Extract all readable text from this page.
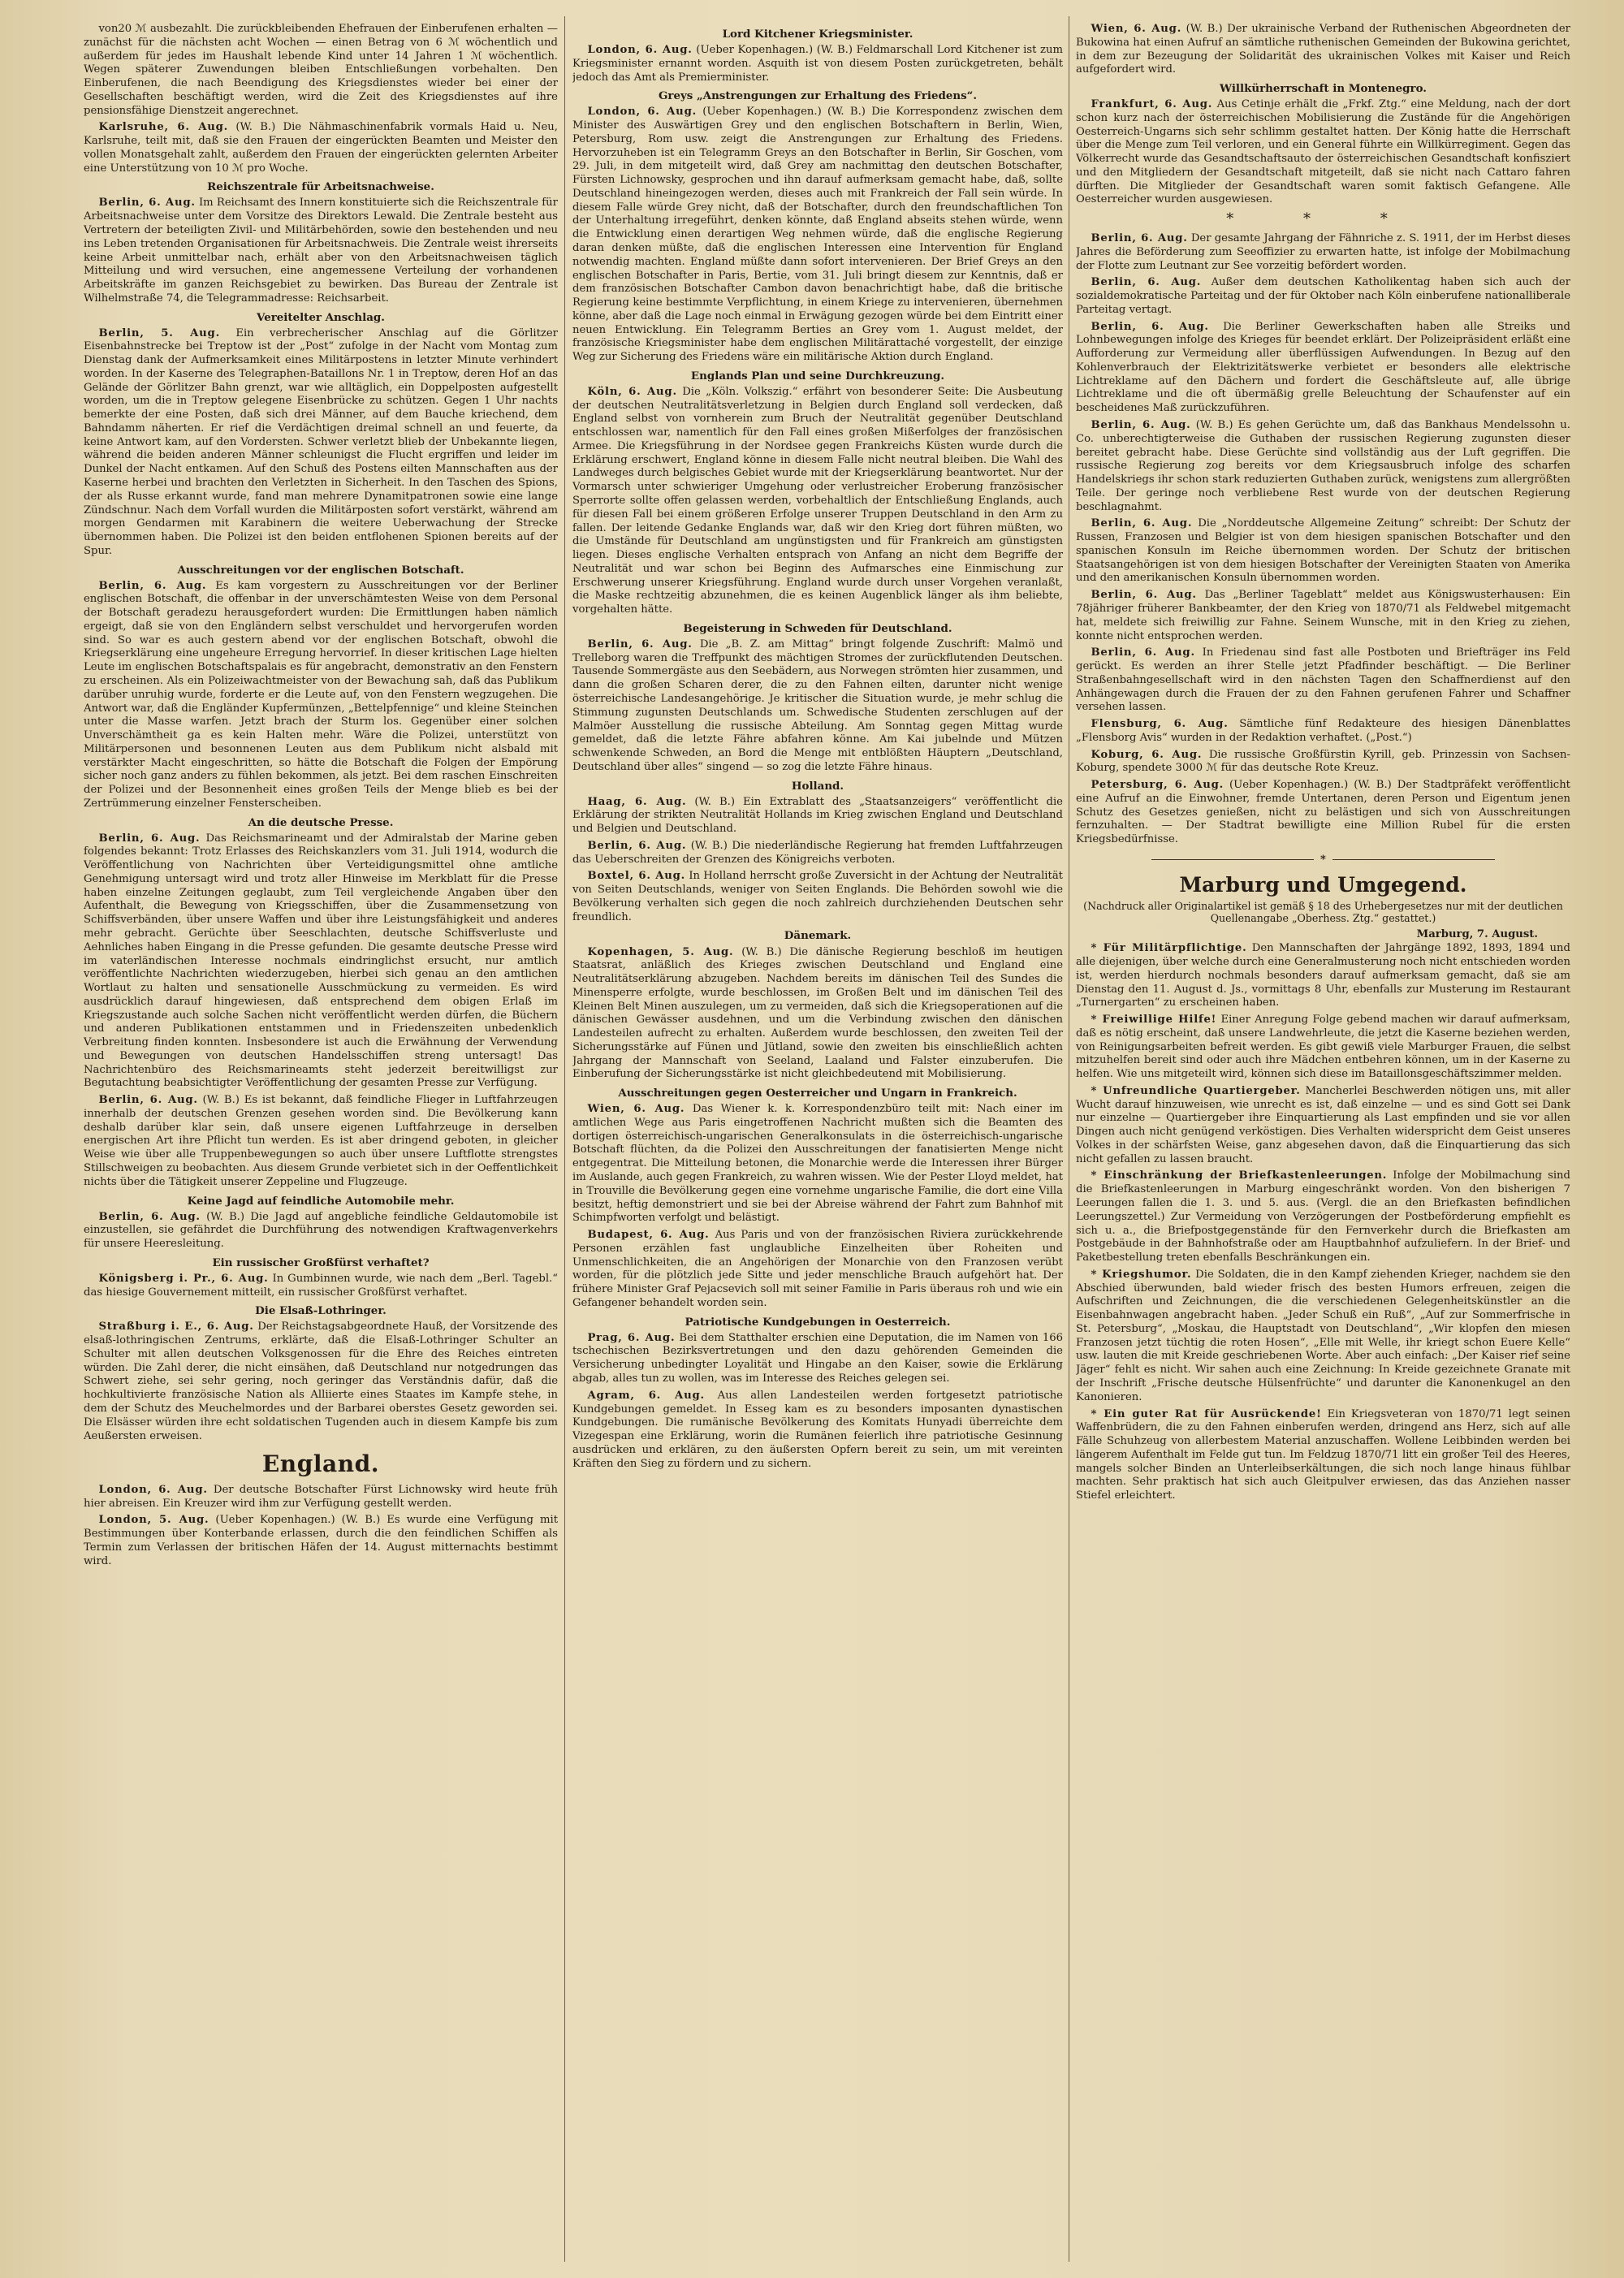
von20 ℳ ausbezahlt. Die zurückbleibenden Ehefrauen der Einberufenen erhalten — zunächst für die nächsten acht Wochen — einen Betrag von 6 ℳ wöchentlich und außerdem für jedes im Haushalt lebende Kind unter 14 Jahren 1 ℳ wöchentlich. Wegen späterer Zuwendungen bleiben Entschließungen vorbehalten. Den Einberufenen, die nach Beendigung des Kriegsdienstes wieder bei einer der Gesellschaften beschäftigt werden, wird die Zeit des Kriegsdienstes auf ihre pensionsfähige Dienstzeit angerechnet.

Karlsruhe, 6. Aug. (W. B.) Die Nähmaschinenfabrik vormals Haid u. Neu, Karlsruhe, teilt mit, daß sie den Frauen der eingerückten Beamten und Meister den vollen Monatsgehalt zahlt, außerdem den Frauen der eingerückten gelernten Arbeiter eine Unterstützung von 10 ℳ pro Woche.

Reichszentrale für Arbeitsnachweise.

Berlin, 6. Aug. Im Reichsamt des Innern konstituierte sich die Reichszentrale für Arbeitsnachweise unter dem Vorsitze des Direktors Lewald. Die Zentrale besteht aus Vertretern der beteiligten Zivil- und Militärbehörden, sowie den bestehenden und neu ins Leben tretenden Organisationen für Arbeitsnachweis. Die Zentrale weist ihrerseits keine Arbeit unmittelbar nach, erhält aber von den Arbeitsnachweisen täglich Mitteilung und wird versuchen, eine angemessene Verteilung der vorhandenen Arbeitskräfte im ganzen Reichsgebiet zu bewirken. Das Bureau der Zentrale ist Wilhelmstraße 74, die Telegrammadresse: Reichsarbeit.

Vereitelter Anschlag.

Berlin, 5. Aug. Ein verbrecherischer Anschlag auf die Görlitzer Eisenbahnstrecke bei Treptow ist der „Post“ zufolge in der Nacht vom Montag zum Dienstag dank der Aufmerksamkeit eines Militärpostens in letzter Minute verhindert worden. In der Kaserne des Telegraphen-Bataillons Nr. 1 in Treptow, deren Hof an das Gelände der Görlitzer Bahn grenzt, war wie alltäglich, ein Doppelposten aufgestellt worden, um die in Treptow gelegene Eisenbrücke zu schützen. Gegen 1 Uhr nachts bemerkte der eine Posten, daß sich drei Männer, auf dem Bauche kriechend, dem Bahndamm näherten. Er rief die Verdächtigen dreimal schnell an und feuerte, da keine Antwort kam, auf den Vordersten. Schwer verletzt blieb der Unbekannte liegen, während die beiden anderen Männer schleunigst die Flucht ergriffen und leider im Dunkel der Nacht entkamen. Auf den Schuß des Postens eilten Mannschaften aus der Kaserne herbei und brachten den Verletzten in Sicherheit. In den Taschen des Spions, der als Russe erkannt wurde, fand man mehrere Dynamitpatronen sowie eine lange Zündschnur. Nach dem Vorfall wurden die Militärposten sofort verstärkt, während am morgen Gendarmen mit Karabinern die weitere Ueberwachung der Strecke übernommen haben. Die Polizei ist den beiden entflohenen Spionen bereits auf der Spur.

Ausschreitungen vor der englischen Botschaft.

Berlin, 6. Aug. Es kam vorgestern zu Ausschreitungen vor der Berliner englischen Botschaft, die offenbar in der unverschämtesten Weise von dem Personal der Botschaft geradezu herausgefordert wurden: Die Ermittlungen haben nämlich ergeigt, daß sie von den Engländern selbst verschuldet und hervorgerufen worden sind. So war es auch gestern abend vor der englischen Botschaft, obwohl die Kriegserklärung eine ungeheure Erregung hervorrief. In dieser kritischen Lage hielten Leute im englischen Botschaftspalais es für angebracht, demonstrativ an den Fenstern zu erscheinen. Als ein Polizeiwachtmeister von der Bewachung sah, daß das Publikum darüber unruhig wurde, forderte er die Leute auf, von den Fenstern wegzugehen. Die Antwort war, daß die Engländer Kupfermünzen, „Bettelpfennige“ und kleine Steinchen unter die Masse warfen. Jetzt brach der Sturm los. Gegenüber einer solchen Unverschämtheit ga es kein Halten mehr. Wäre die Polizei, unterstützt von Militärpersonen und besonnenen Leuten aus dem Publikum nicht alsbald mit verstärkter Macht eingeschritten, so hätte die Botschaft die Folgen der Empörung sicher noch ganz anders zu fühlen bekommen, als jetzt. Bei dem raschen Einschreiten der Polizei und der Besonnenheit eines großen Teils der Menge blieb es bei der Zertrümmerung einzelner Fensterscheiben.

An die deutsche Presse.

Berlin, 6. Aug. Das Reichsmarineamt und der Admiralstab der Marine geben folgendes bekannt: Trotz Erlasses des Reichskanzlers vom 31. Juli 1914, wodurch die Veröffentlichung von Nachrichten über Verteidigungsmittel ohne amtliche Genehmigung untersagt wird und trotz aller Hinweise im Merkblatt für die Presse haben einzelne Zeitungen geglaubt, zum Teil vergleichende Angaben über den Aufenthalt, die Bewegung von Kriegsschiffen, über die Zusammensetzung von Schiffsverbänden, über unsere Waffen und über ihre Leistungsfähigkeit und anderes mehr gebracht. Gerüchte über Seeschlachten, deutsche Schiffsverluste und Aehnliches haben Eingang in die Presse gefunden. Die gesamte deutsche Presse wird im vaterländischen Interesse nochmals eindringlichst ersucht, nur amtlich veröffentlichte Nachrichten wiederzugeben, hierbei sich genau an den amtlichen Wortlaut zu halten und sensationelle Ausschmückung zu vermeiden. Es wird ausdrücklich darauf hingewiesen, daß entsprechend dem obigen Erlaß im Kriegszustande auch solche Sachen nicht veröffentlicht werden dürfen, die Büchern und anderen Publikationen entstammen und in Friedenszeiten unbedenklich Verbreitung finden konnten. Insbesondere ist auch die Erwähnung der Verwendung und Bewegungen von deutschen Handelsschiffen streng untersagt! Das Nachrichtenbüro des Reichsmarineamts steht jederzeit bereitwilligst zur Begutachtung beabsichtigter Veröffentlichung der gesamten Presse zur Verfügung.

Berlin, 6. Aug. (W. B.) Es ist bekannt, daß feindliche Flieger in Luftfahrzeugen innerhalb der deutschen Grenzen gesehen worden sind. Die Bevölkerung kann deshalb darüber klar sein, daß unsere eigenen Luftfahrzeuge in derselben energischen Art ihre Pflicht tun werden. Es ist aber dringend geboten, in gleicher Weise wie über alle Truppenbewegungen so auch über unsere Luftflotte strengstes Stillschweigen zu beobachten. Aus diesem Grunde verbietet sich in der Oeffentlichkeit nichts über die Tätigkeit unserer Zeppeline und Flugzeuge.

Keine Jagd auf feindliche Automobile mehr.

Berlin, 6. Aug. (W. B.) Die Jagd auf angebliche feindliche Geldautomobile ist einzustellen, sie gefährdet die Durchführung des notwendigen Kraftwagenverkehrs für unsere Heeresleitung.

Ein russischer Großfürst verhaftet?

Königsberg i. Pr., 6. Aug. In Gumbinnen wurde, wie nach dem „Berl. Tagebl.“ das hiesige Gouvernement mitteilt, ein russischer Großfürst verhaftet.

Die Elsaß-Lothringer.

Straßburg i. E., 6. Aug. Der Reichstagsabgeordnete Hauß, der Vorsitzende des elsaß-lothringischen Zentrums, erklärte, daß die Elsaß-Lothringer Schulter an Schulter mit allen deutschen Volksgenossen für die Ehre des Reiches eintreten würden. Die Zahl derer, die nicht einsähen, daß Deutschland nur notgedrungen das Schwert ziehe, sei sehr gering, noch geringer das Verständnis dafür, daß die hochkultivierte französische Nation als Alliierte eines Staates im Kampfe stehe, in dem der Schutz des Meuchelmordes und der Barbarei oberstes Gesetz geworden sei. Die Elsässer würden ihre echt soldatischen Tugenden auch in diesem Kampfe bis zum Aeußersten erweisen.

England.

London, 6. Aug. Der deutsche Botschafter Fürst Lichnowsky wird heute früh hier abreisen. Ein Kreuzer wird ihm zur Verfügung gestellt werden.

London, 5. Aug. (Ueber Kopenhagen.) (W. B.) Es wurde eine Verfügung mit Bestimmungen über Konterbande erlassen, durch die den feindlichen Schiffen als Termin zum Verlassen der britischen Häfen der 14. August mitternachts bestimmt wird.

Lord Kitchener Kriegsminister.

London, 6. Aug. (Ueber Kopenhagen.) (W. B.) Feldmarschall Lord Kitchener ist zum Kriegsminister ernannt worden. Asquith ist von diesem Posten zurückgetreten, behält jedoch das Amt als Premierminister.

Greys „Anstrengungen zur Erhaltung des Friedens“.

London, 6. Aug. (Ueber Kopenhagen.) (W. B.) Die Korrespondenz zwischen dem Minister des Auswärtigen Grey und den englischen Botschaftern in Berlin, Wien, Petersburg, Rom usw. zeigt die Anstrengungen zur Erhaltung des Friedens. Hervorzuheben ist ein Telegramm Greys an den Botschafter in Berlin, Sir Goschen, vom 29. Juli, in dem mitgeteilt wird, daß Grey am nachmittag den deutschen Botschafter, Fürsten Lichnowsky, gesprochen und ihn darauf aufmerksam gemacht habe, daß, sollte Deutschland hineingezogen werden, dieses auch mit Frankreich der Fall sein würde. In diesem Falle würde Grey nicht, daß der Botschafter, durch den freundschaftlichen Ton der Unterhaltung irregeführt, denken könnte, daß England abseits stehen würde, wenn die Entwicklung einen derartigen Weg nehmen würde, daß die englische Regierung daran denken müßte, daß die englischen Interessen eine Intervention für England notwendig machten. England müßte dann sofort intervenieren. Der Brief Greys an den englischen Botschafter in Paris, Bertie, vom 31. Juli bringt diesem zur Kenntnis, daß er dem französischen Botschafter Cambon davon benachrichtigt habe, daß die britische Regierung keine bestimmte Verpflichtung, in einem Kriege zu intervenieren, übernehmen könne, aber daß die Lage noch einmal in Erwägung gezogen würde bei dem Eintritt einer neuen Entwicklung. Ein Telegramm Berties an Grey vom 1. August meldet, der französische Kriegsminister habe dem englischen Militärattaché vorgestellt, der einzige Weg zur Sicherung des Friedens wäre ein militärische Aktion durch England.

Englands Plan und seine Durchkreuzung.

Köln, 6. Aug. Die „Köln. Volkszig.“ erfährt von besonderer Seite: Die Ausbeutung der deutschen Neutralitätsverletzung in Belgien durch England soll verdecken, daß England selbst von vornherein zum Bruch der Neutralität gegenüber Deutschland entschlossen war, namentlich für den Fall eines großen Mißerfolges der französischen Armee. Die Kriegsführung in der Nordsee gegen Frankreichs Küsten wurde durch die Erklärung erschwert, England könne in diesem Falle nicht neutral bleiben. Die Wahl des Landweges durch belgisches Gebiet wurde mit der Kriegserklärung beantwortet. Nur der Vormarsch unter schwieriger Umgehung oder verlustreicher Eroberung französischer Sperrorte sollte offen gelassen werden, vorbehaltlich der Entschließung Englands, auch für diesen Fall bei einem größeren Erfolge unserer Truppen Deutschland in den Arm zu fallen. Der leitende Gedanke Englands war, daß wir den Krieg dort führen müßten, wo die Umstände für Deutschland am ungünstigsten und für Frankreich am günstigsten liegen. Dieses englische Verhalten entsprach von Anfang an nicht dem Begriffe der Neutralität und war schon bei Beginn des Aufmarsches eine Einmischung zur Erschwerung unserer Kriegsführung. England wurde durch unser Vorgehen veranlaßt, die Maske rechtzeitig abzunehmen, die es keinen Augenblick länger als ihm beliebte, vorgehalten hätte.

Begeisterung in Schweden für Deutschland.

Berlin, 6. Aug. Die „B. Z. am Mittag“ bringt folgende Zuschrift: Malmö und Trelleborg waren die Treffpunkt des mächtigen Stromes der zurückflutenden Deutschen. Tausende Sommergäste aus den Seebädern, aus Norwegen strömten hier zusammen, und dann die großen Scharen derer, die zu den Fahnen eilten, darunter nicht wenige österreichische Landesangehörige. Je kritischer die Situation wurde, je mehr schlug die Stimmung zugunsten Deutschlands um. Schwedische Studenten zerschlugen auf der Malmöer Ausstellung die russische Abteilung. Am Sonntag gegen Mittag wurde gemeldet, daß die letzte Fähre abfahren könne. Am Kai jubelnde und Mützen schwenkende Schweden, an Bord die Menge mit entblößten Häuptern „Deutschland, Deutschland über alles“ singend — so zog die letzte Fähre hinaus.

Holland.

Haag, 6. Aug. (W. B.) Ein Extrablatt des „Staatsanzeigers“ veröffentlicht die Erklärung der strikten Neutralität Hollands im Krieg zwischen England und Deutschland und Belgien und Deutschland.

Berlin, 6. Aug. (W. B.) Die niederländische Regierung hat fremden Luftfahrzeugen das Ueberschreiten der Grenzen des Königreichs verboten.

Boxtel, 6. Aug. In Holland herrscht große Zuversicht in der Achtung der Neutralität von Seiten Deutschlands, weniger von Seiten Englands. Die Behörden sowohl wie die Bevölkerung verhalten sich gegen die noch zahlreich durchziehenden Deutschen sehr freundlich.

Dänemark.

Kopenhagen, 5. Aug. (W. B.) Die dänische Regierung beschloß im heutigen Staatsrat, anläßlich des Krieges zwischen Deutschland und England eine Neutralitätserklärung abzugeben. Nachdem bereits im dänischen Teil des Sundes die Minensperre erfolgte, wurde beschlossen, im Großen Belt und im dänischen Teil des Kleinen Belt Minen auszulegen, um zu vermeiden, daß sich die Kriegsoperationen auf die dänischen Gewässer ausdehnen, und um die Verbindung zwischen den dänischen Landesteilen aufrecht zu erhalten. Außerdem wurde beschlossen, den zweiten Teil der Sicherungsstärke auf Fünen und Jütland, sowie den zweiten bis einschließlich achten Jahrgang der Mannschaft von Seeland, Laaland und Falster einzuberufen. Die Einberufung der Sicherungsstärke ist nicht gleichbedeutend mit Mobilisierung.

Ausschreitungen gegen Oesterreicher und Ungarn in Frankreich.

Wien, 6. Aug. Das Wiener k. k. Korrespondenzbüro teilt mit: Nach einer im amtlichen Wege aus Paris eingetroffenen Nachricht mußten sich die Beamten des dortigen österreichisch-ungarischen Generalkonsulats in die österreichisch-ungarische Botschaft flüchten, da die Polizei den Ausschreitungen der fanatisierten Menge nicht entgegentrat. Die Mitteilung betonen, die Monarchie werde die Interessen ihrer Bürger im Auslande, auch gegen Frankreich, zu wahren wissen. Wie der Pester Lloyd meldet, hat in Trouville die Bevölkerung gegen eine vornehme ungarische Familie, die dort eine Villa besitzt, heftig demonstriert und sie bei der Abreise während der Fahrt zum Bahnhof mit Schimpfworten verfolgt und belästigt.

Budapest, 6. Aug. Aus Paris und von der französischen Riviera zurückkehrende Personen erzählen fast unglaubliche Einzelheiten über Roheiten und Unmenschlichkeiten, die an Angehörigen der Monarchie von den Franzosen verübt worden, für die plötzlich jede Sitte und jeder menschliche Brauch aufgehört hat. Der frühere Minister Graf Pejacsevich soll mit seiner Familie in Paris überaus roh und wie ein Gefangener behandelt worden sein.

Patriotische Kundgebungen in Oesterreich.

Prag, 6. Aug. Bei dem Statthalter erschien eine Deputation, die im Namen von 166 tschechischen Bezirksvertretungen und den dazu gehörenden Gemeinden die Versicherung unbedingter Loyalität und Hingabe an den Kaiser, sowie die Erklärung abgab, alles tun zu wollen, was im Interesse des Reiches gelegen sei.

Agram, 6. Aug. Aus allen Landesteilen werden fortgesetzt patriotische Kundgebungen gemeldet. In Esseg kam es zu besonders imposanten dynastischen Kundgebungen. Die rumänische Bevölkerung des Komitats Hunyadi überreichte dem Vizegespan eine Erklärung, worin die Rumänen feierlich ihre patriotische Gesinnung ausdrücken und erklären, zu den äußersten Opfern bereit zu sein, um mit vereinten Kräften den Sieg zu fördern und zu sichern.

Wien, 6. Aug. (W. B.) Der ukrainische Verband der Ruthenischen Abgeordneten der Bukowina hat einen Aufruf an sämtliche ruthenischen Gemeinden der Bukowina gerichtet, in dem zur Bezeugung der Solidarität des ukrainischen Volkes mit Kaiser und Reich aufgefordert wird.

Willkürherrschaft in Montenegro.

Frankfurt, 6. Aug. Aus Cetinje erhält die „Frkf. Ztg.“ eine Meldung, nach der dort schon kurz nach der österreichischen Mobilisierung die Zustände für die Angehörigen Oesterreich-Ungarns sich sehr schlimm gestaltet hatten. Der König hatte die Herrschaft über die Menge zum Teil verloren, und ein General führte ein Willkürregiment. Gegen das Völkerrecht wurde das Gesandtschaftsauto der österreichischen Gesandtschaft konfisziert und den Mitgliedern der Gesandtschaft mitgeteilt, daß sie nicht nach Cattaro fahren dürften. Die Mitglieder der Gesandtschaft waren somit faktisch Gefangene. Alle Oesterreicher wurden ausgewiesen.

* * *

Berlin, 6. Aug. Der gesamte Jahrgang der Fähnriche z. S. 1911, der im Herbst dieses Jahres die Beförderung zum Seeoffizier zu erwarten hatte, ist infolge der Mobilmachung der Flotte zum Leutnant zur See vorzeitig befördert worden.

Berlin, 6. Aug. Außer dem deutschen Katholikentag haben sich auch der sozialdemokratische Parteitag und der für Oktober nach Köln einberufene nationalliberale Parteitag vertagt.

Berlin, 6. Aug. Die Berliner Gewerkschaften haben alle Streiks und Lohnbewegungen infolge des Krieges für beendet erklärt. Der Polizeipräsident erläßt eine Aufforderung zur Vermeidung aller überflüssigen Aufwendungen. In Bezug auf den Kohlenverbrauch der Elektrizitätswerke verbietet er besonders alle elektrische Lichtreklame auf den Dächern und fordert die Geschäftsleute auf, alle übrige Lichtreklame und die oft übermäßig grelle Beleuchtung der Schaufenster auf ein bescheidenes Maß zurückzuführen.

Berlin, 6. Aug. (W. B.) Es gehen Gerüchte um, daß das Bankhaus Mendelssohn u. Co. unberechtigterweise die Guthaben der russischen Regierung zugunsten dieser bereitet gebracht habe. Diese Gerüchte sind vollständig aus der Luft gegriffen. Die russische Regierung zog bereits vor dem Kriegsausbruch infolge des scharfen Handelskriegs ihr schon stark reduzierten Guthaben zurück, wenigstens zum allergrößten Teile. Der geringe noch verbliebene Rest wurde von der deutschen Regierung beschlagnahmt.

Berlin, 6. Aug. Die „Norddeutsche Allgemeine Zeitung“ schreibt: Der Schutz der Russen, Franzosen und Belgier ist von dem hiesigen spanischen Botschafter und den spanischen Konsuln im Reiche übernommen worden. Der Schutz der britischen Staatsangehörigen ist von dem hiesigen Botschafter der Vereinigten Staaten von Amerika und den amerikanischen Konsuln übernommen worden.

Berlin, 6. Aug. Das „Berliner Tageblatt“ meldet aus Königswusterhausen: Ein 78jähriger früherer Bankbeamter, der den Krieg von 1870/71 als Feldwebel mitgemacht hat, meldete sich freiwillig zur Fahne. Seinem Wunsche, mit in den Krieg zu ziehen, konnte nicht entsprochen werden.

Berlin, 6. Aug. In Friedenau sind fast alle Postboten und Briefträger ins Feld gerückt. Es werden an ihrer Stelle jetzt Pfadfinder beschäftigt. — Die Berliner Straßenbahngesellschaft wird in den nächsten Tagen den Schaffnerdienst auf den Anhängewagen durch die Frauen der zu den Fahnen gerufenen Fahrer und Schaffner versehen lassen.

Flensburg, 6. Aug. Sämtliche fünf Redakteure des hiesigen Dänenblattes „Flensborg Avis“ wurden in der Redaktion verhaftet. („Post.“)

Koburg, 6. Aug. Die russische Großfürstin Kyrill, geb. Prinzessin von Sachsen-Koburg, spendete 3000 ℳ für das deutsche Rote Kreuz.

Petersburg, 6. Aug. (Ueber Kopenhagen.) (W. B.) Der Stadtpräfekt veröffentlicht eine Aufruf an die Einwohner, fremde Untertanen, deren Person und Eigentum jenen Schutz des Gesetzes genießen, nicht zu belästigen und sich von Ausschreitungen fernzuhalten. — Der Stadtrat bewilligte eine Million Rubel für die ersten Kriegsbedürfnisse.

*
Marburg und Umgegend.
(Nachdruck aller Originalartikel ist gemäß § 18 des Urhebergesetzes nur mit der deutlichen Quellenangabe „Oberhess. Ztg.“ gestattet.)
Marburg, 7. August.

* Für Militärpflichtige. Den Mannschaften der Jahrgänge 1892, 1893, 1894 und alle diejenigen, über welche durch eine Generalmusterung noch nicht entschieden worden ist, werden hierdurch nochmals besonders darauf aufmerksam gemacht, daß sie am Dienstag den 11. August d. Js., vormittags 8 Uhr, ebenfalls zur Musterung im Restaurant „Turnergarten“ zu erscheinen haben.

* Freiwillige Hilfe! Einer Anregung Folge gebend machen wir darauf aufmerksam, daß es nötig erscheint, daß unsere Landwehrleute, die jetzt die Kaserne beziehen werden, von Reinigungsarbeiten befreit werden. Es gibt gewiß viele Marburger Frauen, die selbst mitzuhelfen bereit sind oder auch ihre Mädchen entbehren können, um in der Kaserne zu helfen. Wie uns mitgeteilt wird, können sich diese im Bataillonsgeschäftszimmer melden.

* Unfreundliche Quartiergeber. Mancherlei Beschwerden nötigen uns, mit aller Wucht darauf hinzuweisen, wie unrecht es ist, daß einzelne — und es sind Gott sei Dank nur einzelne — Quartiergeber ihre Einquartierung als Last empfinden und sie vor allen Dingen auch nicht genügend verköstigen. Dies Verhalten widerspricht dem Geist unseres Volkes in der schärfsten Weise, ganz abgesehen davon, daß die Einquartierung das sich nicht gefallen zu lassen braucht.

* Einschränkung der Briefkastenleerungen. Infolge der Mobilmachung sind die Briefkastenleerungen in Marburg eingeschränkt worden. Von den bisherigen 7 Leerungen fallen die 1. 3. und 5. aus. (Vergl. die an den Briefkasten befindlichen Leerungszettel.) Zur Vermeidung von Verzögerungen der Postbeförderung empfiehlt es sich u. a., die Briefpostgegenstände für den Fernverkehr durch die Briefkasten am Postgebäude in der Bahnhofstraße oder am Hauptbahnhof aufzuliefern. In der Brief- und Paketbestellung treten ebenfalls Beschränkungen ein.

* Kriegshumor. Die Soldaten, die in den Kampf ziehenden Krieger, nachdem sie den Abschied überwunden, bald wieder frisch des besten Humors erfreuen, zeigen die Aufschriften und Zeichnungen, die die verschiedenen Gelegenheitskünstler an die Eisenbahnwagen angebracht haben. „Jeder Schuß ein Ruß“, „Auf zur Sommerfrische in St. Petersburg“, „Moskau, die Hauptstadt von Deutschland“, „Wir klopfen den miesen Franzosen jetzt tüchtig die roten Hosen“, „Elle mit Welle, ihr kriegt schon Euere Kelle“ usw. lauten die mit Kreide geschriebenen Worte. Aber auch einfach: „Der Kaiser rief seine Jäger“ fehlt es nicht. Wir sahen auch eine Zeichnung: In Kreide gezeichnete Granate mit der Inschrift „Frische deutsche Hülsenfrüchte“ und darunter die Kanonenkugel an den Kanonieren.

* Ein guter Rat für Ausrückende! Ein Kriegsveteran von 1870/71 legt seinen Waffenbrüdern, die zu den Fahnen einberufen werden, dringend ans Herz, sich auf alle Fälle Schuhzeug von allerbestem Material anzuschaffen. Wollene Leibbinden werden bei längerem Aufenthalt im Felde gut tun. Im Feldzug 1870/71 litt ein großer Teil des Heeres, mangels solcher Binden an Unterleibserkältungen, die sich noch lange hinaus fühlbar machten. Sehr praktisch hat sich auch Gleitpulver erwiesen, das das Anziehen nasser Stiefel erleichtert.
